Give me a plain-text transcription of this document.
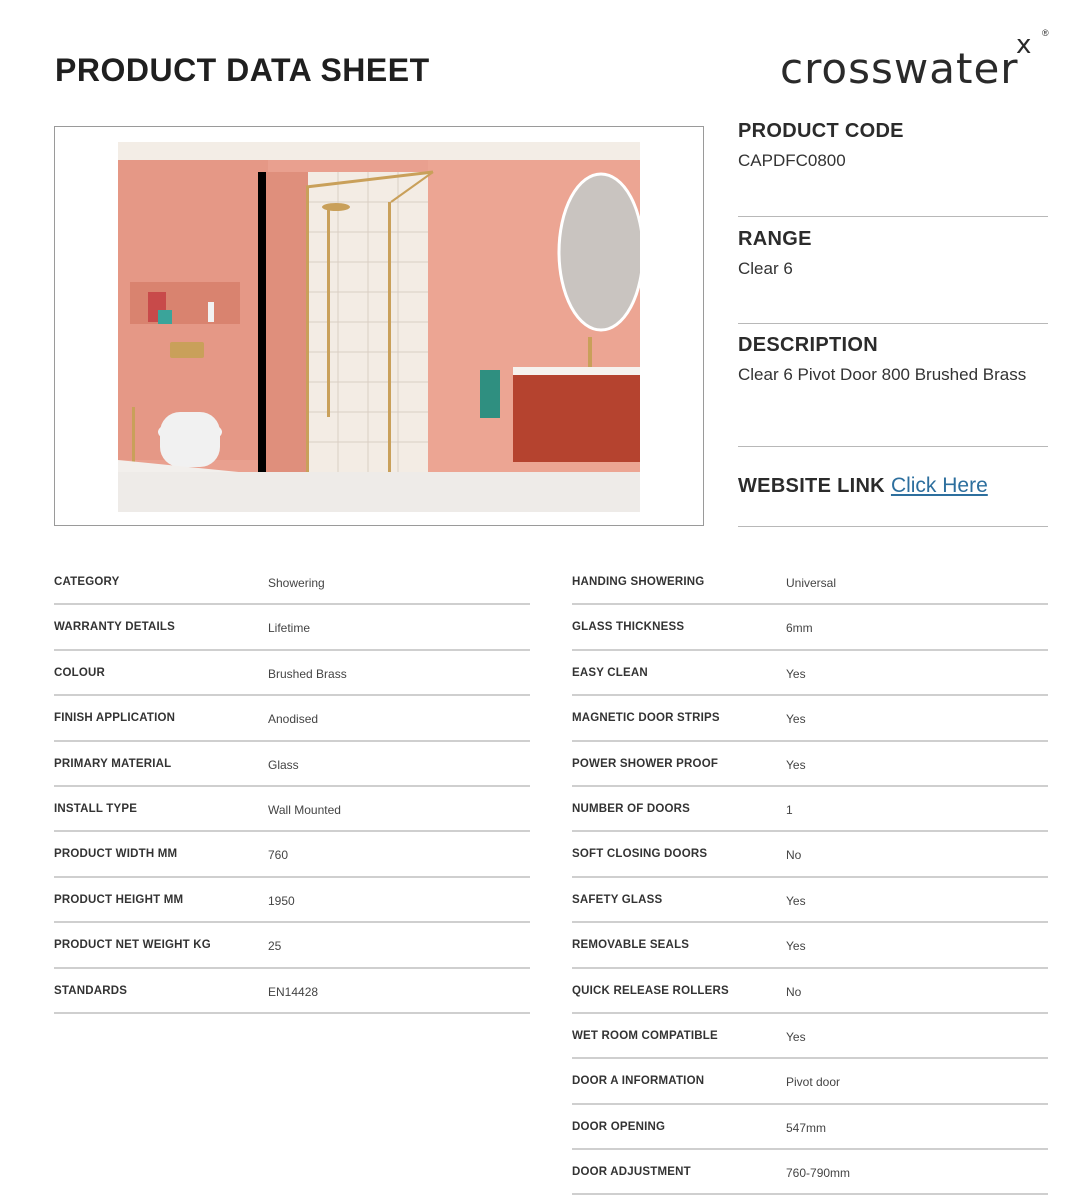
PRODUCT DATA SHEET	crosswater
x ®
PRODUCT CODE
CAPDFC0800
RANGE
Clear 6
DESCRIPTION
Clear 6 Pivot Door 800 Brushed Brass
WEBSITE LINK Click Here
CATEGORY	Showering
WARRANTY DETAILS	Lifetime
COLOUR	Brushed Brass
FINISH APPLICATION	Anodised
PRIMARY MATERIAL	Glass
INSTALL TYPE	Wall Mounted
PRODUCT WIDTH MM	760
PRODUCT HEIGHT MM	1950
PRODUCT NET WEIGHT KG	25
STANDARDS	EN14428
HANDING SHOWERING	Universal
GLASS THICKNESS	6mm
EASY CLEAN	Yes
MAGNETIC DOOR STRIPS	Yes
POWER SHOWER PROOF	Yes
NUMBER OF DOORS	1
SOFT CLOSING DOORS	No
SAFETY GLASS	Yes
REMOVABLE SEALS	Yes
QUICK RELEASE ROLLERS	No
WET ROOM COMPATIBLE	Yes
DOOR A INFORMATION	Pivot door
DOOR OPENING	547mm
DOOR ADJUSTMENT	760-790mm
